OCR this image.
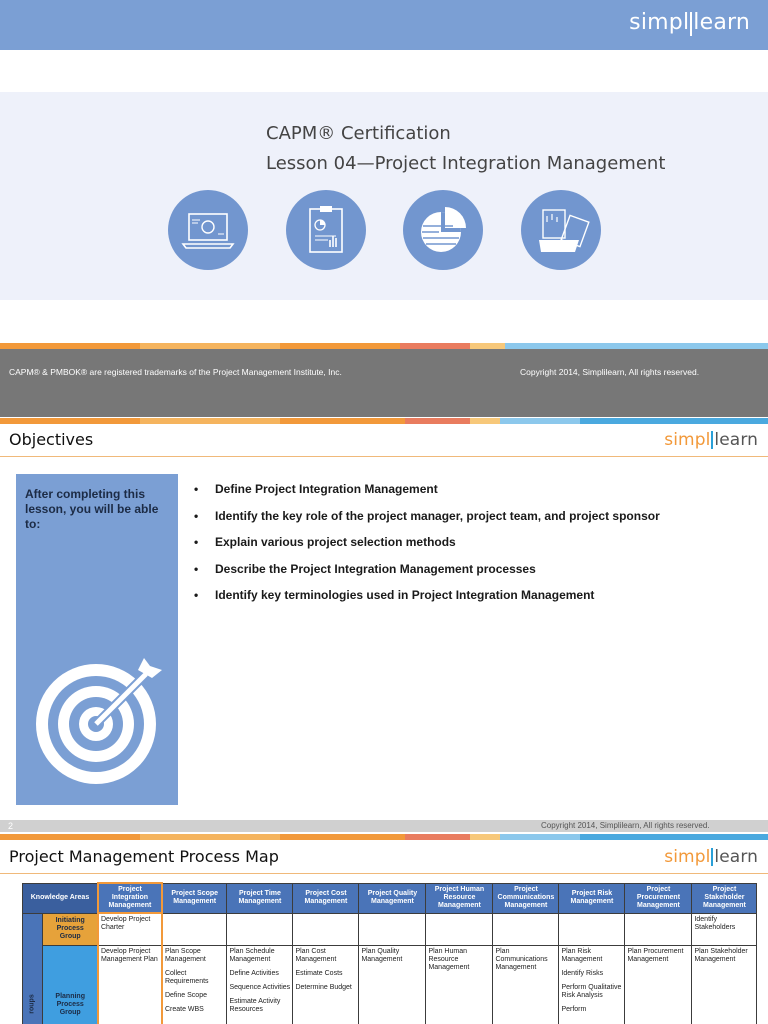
simpl learn
CAPM® Certification
Lesson 04—Project Integration Management
CAPM® & PMBOK® are registered trademarks of the Project Management Institute, Inc.	Copyright 2014, Simplilearn, All rights reserved.
Objectives	simpl learn
After completing this lesson, you will be able to:
• Define Project Integration Management
• Identify the key role of the project manager, project team, and project sponsor
• Explain various project selection methods
• Describe the Project Integration Management processes
• Identify key terminologies used in Project Integration Management
2	Copyright 2014, Simplilearn, All rights reserved.
Project Management Process Map	simpl learn
Knowledge Areas		Project Integration Management	Project Scope Management	Project Time Management	Project Cost Management	Project Quality Management	Project Human Resource Management	Project Communications Management	Project Risk Management	Project Procurement Management	Project Stakeholder Management

roups	Initiating Process Group	Develop Project Charter									Identify Stakeholders
	Planning Process Group	Develop Project Management Plan	Plan Scope Management
Collect Requirements
Define Scope
Create WBS	Plan Schedule Management
Define Activities
Sequence Activities
Estimate Activity Resources	Plan Cost Management
Estimate Costs
Determine Budget	Plan Quality Management	Plan Human Resource Management	Plan Communications Management	Plan Risk Management
Identify Risks
Perform Qualitative Risk Analysis
Perform	Plan Procurement Management	Plan Stakeholder Management
